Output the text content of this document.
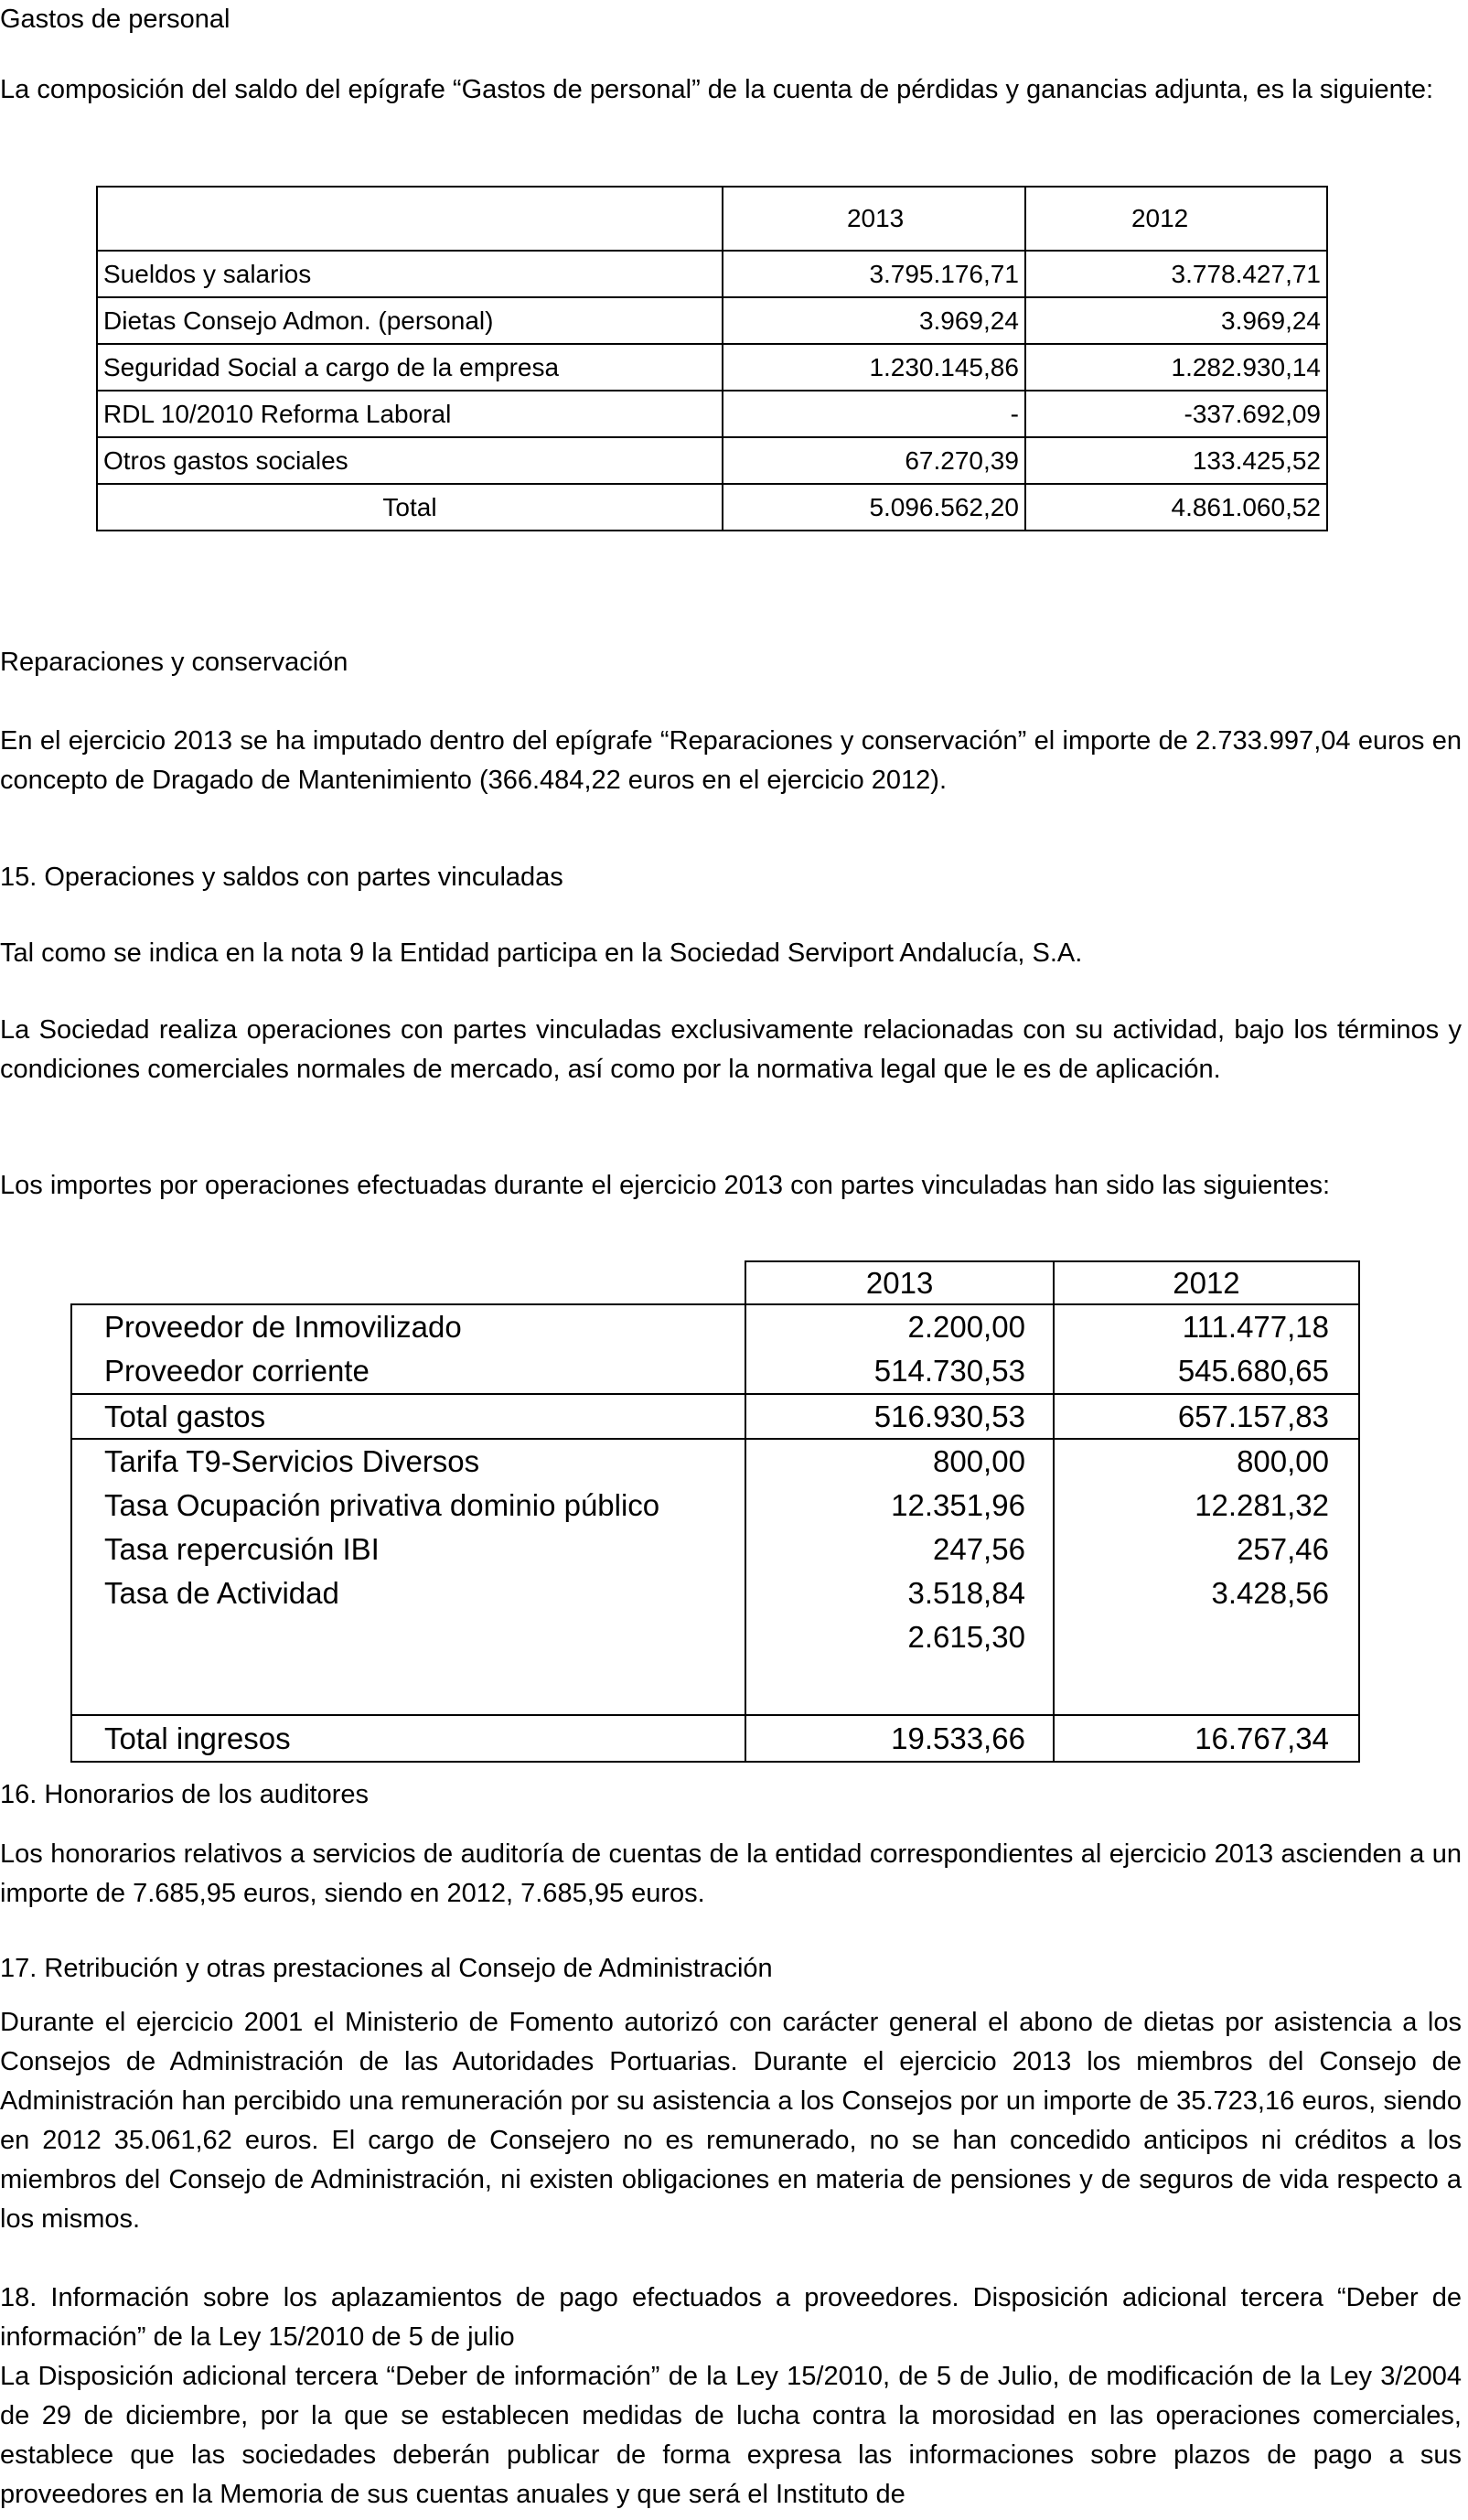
Gastos de personal

La composición del saldo del epígrafe “Gastos de personal” de la cuenta de pérdidas y ganancias adjunta, es la siguiente:

	2013	2012
Sueldos y salarios	3.795.176,71	3.778.427,71
Dietas Consejo Admon. (personal)	3.969,24	3.969,24
Seguridad Social a cargo de la empresa	1.230.145,86	1.282.930,14
RDL 10/2010 Reforma Laboral	-	-337.692,09
Otros gastos sociales	67.270,39	133.425,52
Total	5.096.562,20	4.861.060,52

Reparaciones y conservación

En el ejercicio 2013 se ha imputado dentro del epígrafe “Reparaciones y conservación” el importe de 2.733.997,04 euros en concepto de Dragado de Mantenimiento (366.484,22 euros en el ejercicio 2012).

15. Operaciones y saldos con partes vinculadas

Tal como se indica en la nota 9 la Entidad participa en la Sociedad Serviport Andalucía, S.A.

La Sociedad realiza operaciones con partes vinculadas exclusivamente relacionadas con su actividad, bajo los términos y condiciones comerciales normales de mercado, así como por la normativa legal que le es de aplicación.

Los importes por operaciones efectuadas durante el ejercicio 2013 con partes vinculadas han sido las siguientes:

	2013	2012
Proveedor de Inmovilizado	2.200,00	111.477,18
Proveedor corriente	514.730,53	545.680,65
Total gastos	516.930,53	657.157,83
Tarifa T9-Servicios Diversos	800,00	800,00
Tasa Ocupación privativa dominio público	12.351,96	12.281,32
Tasa repercusión IBI	247,56	257,46
Tasa de Actividad	3.518,84	3.428,56
	2.615,30	

Total ingresos	19.533,66	16.767,34

16. Honorarios de los auditores

Los honorarios relativos a servicios de auditoría de cuentas de la entidad correspondientes al ejercicio 2013 ascienden a un importe de 7.685,95 euros, siendo en 2012, 7.685,95 euros.

17. Retribución y otras prestaciones al Consejo de Administración

Durante el ejercicio 2001 el Ministerio de Fomento autorizó con carácter general el abono de dietas por asistencia a los Consejos de Administración de las Autoridades Portuarias. Durante el ejercicio 2013 los miembros del Consejo de Administración han percibido una remuneración por su asistencia a los Consejos por un importe de 35.723,16 euros, siendo en 2012 35.061,62 euros. El cargo de Consejero no es remunerado, no se han concedido anticipos ni créditos a los miembros del Consejo de Administración, ni existen obligaciones en materia de pensiones y de seguros de vida respecto a los mismos.

18. Información sobre los aplazamientos de pago efectuados a proveedores. Disposición adicional tercera “Deber de información” de la Ley 15/2010 de 5 de julio

La Disposición adicional tercera “Deber de información” de la Ley 15/2010, de 5 de Julio, de modificación de la Ley 3/2004 de 29 de diciembre, por la que se establecen medidas de lucha contra la morosidad en las operaciones comerciales, establece que las sociedades deberán publicar de forma expresa las informaciones sobre plazos de pago a sus proveedores en la Memoria de sus cuentas anuales y que será el Instituto de
